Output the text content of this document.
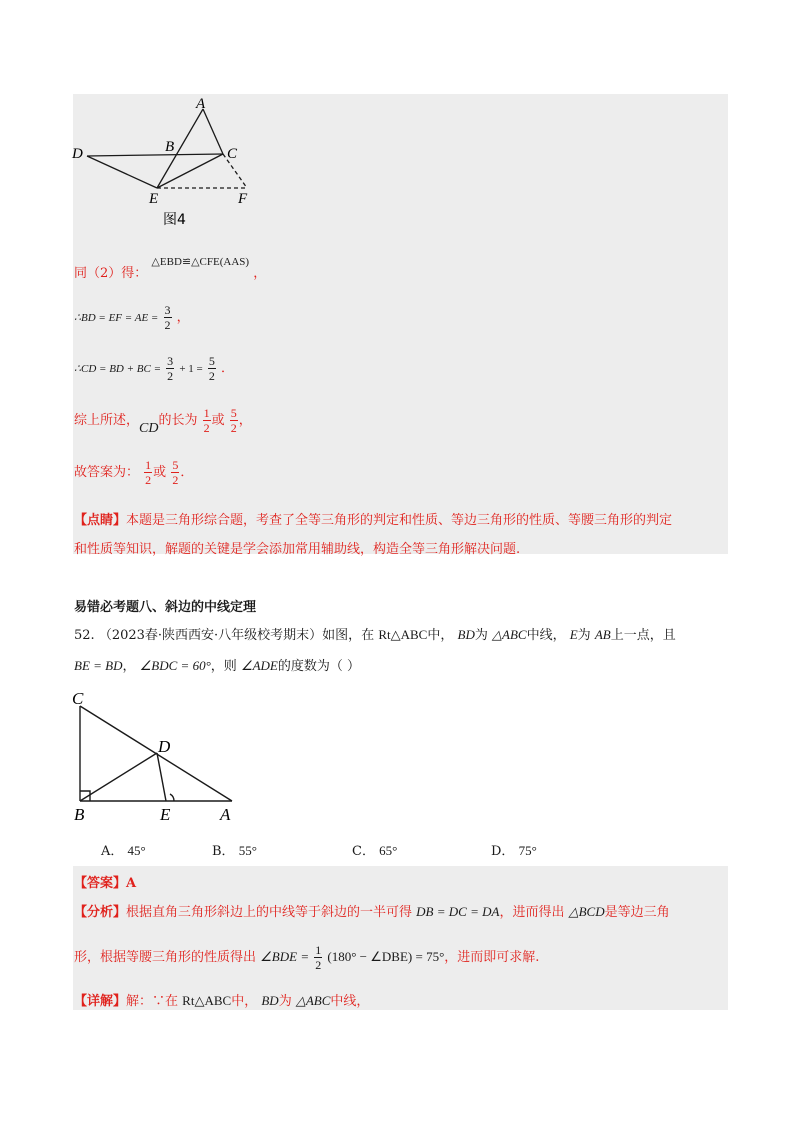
A
B	C
D
E	F
图4
同（2）得： $^{\triangle EBD≌\triangle CFE(AAS)}$ ，
∴BD = EF = AE = $\frac{3}{2}$ ，
∴CD = BD + BC = $\frac{3}{2} + 1 = \frac{5}{2}$ ．
综上所述，CD的长为 $\frac{1}{2}$ 或 $\frac{5}{2}$ ，
故答案为： $\frac{1}{2}$ 或 $\frac{5}{2}$ ．
【点睛】本题是三角形综合题，考查了全等三角形的判定和性质、等边三角形的性质、等腰三角形的判定
和性质等知识，解题的关键是学会添加常用辅助线，构造全等三角形解决问题.
易错必考题八、斜边的中线定理
52. （2023春·陕西西安·八年级校考期末）如图，在 Rt△ABC中， BD为 △ABC中线， E为 AB上一点，且
BE = BD， ∠BDC = 60°，则 ∠ADE的度数为（ ）
C
D
B	E	A
A． 45°	B． 55°	C． 65°	D． 75°
【答案】A
【分析】根据直角三角形斜边上的中线等于斜边的一半可得 DB = DC = DA，进而得出 △BCD是等边三角
形，根据等腰三角形的性质得出 ∠BDE = $\frac{1}{2} (180^\circ$ − ∠DBE) = 75°，进而即可求解.
【详解】解：∵在 Rt△ABC中， BD为 △ABC中线，
